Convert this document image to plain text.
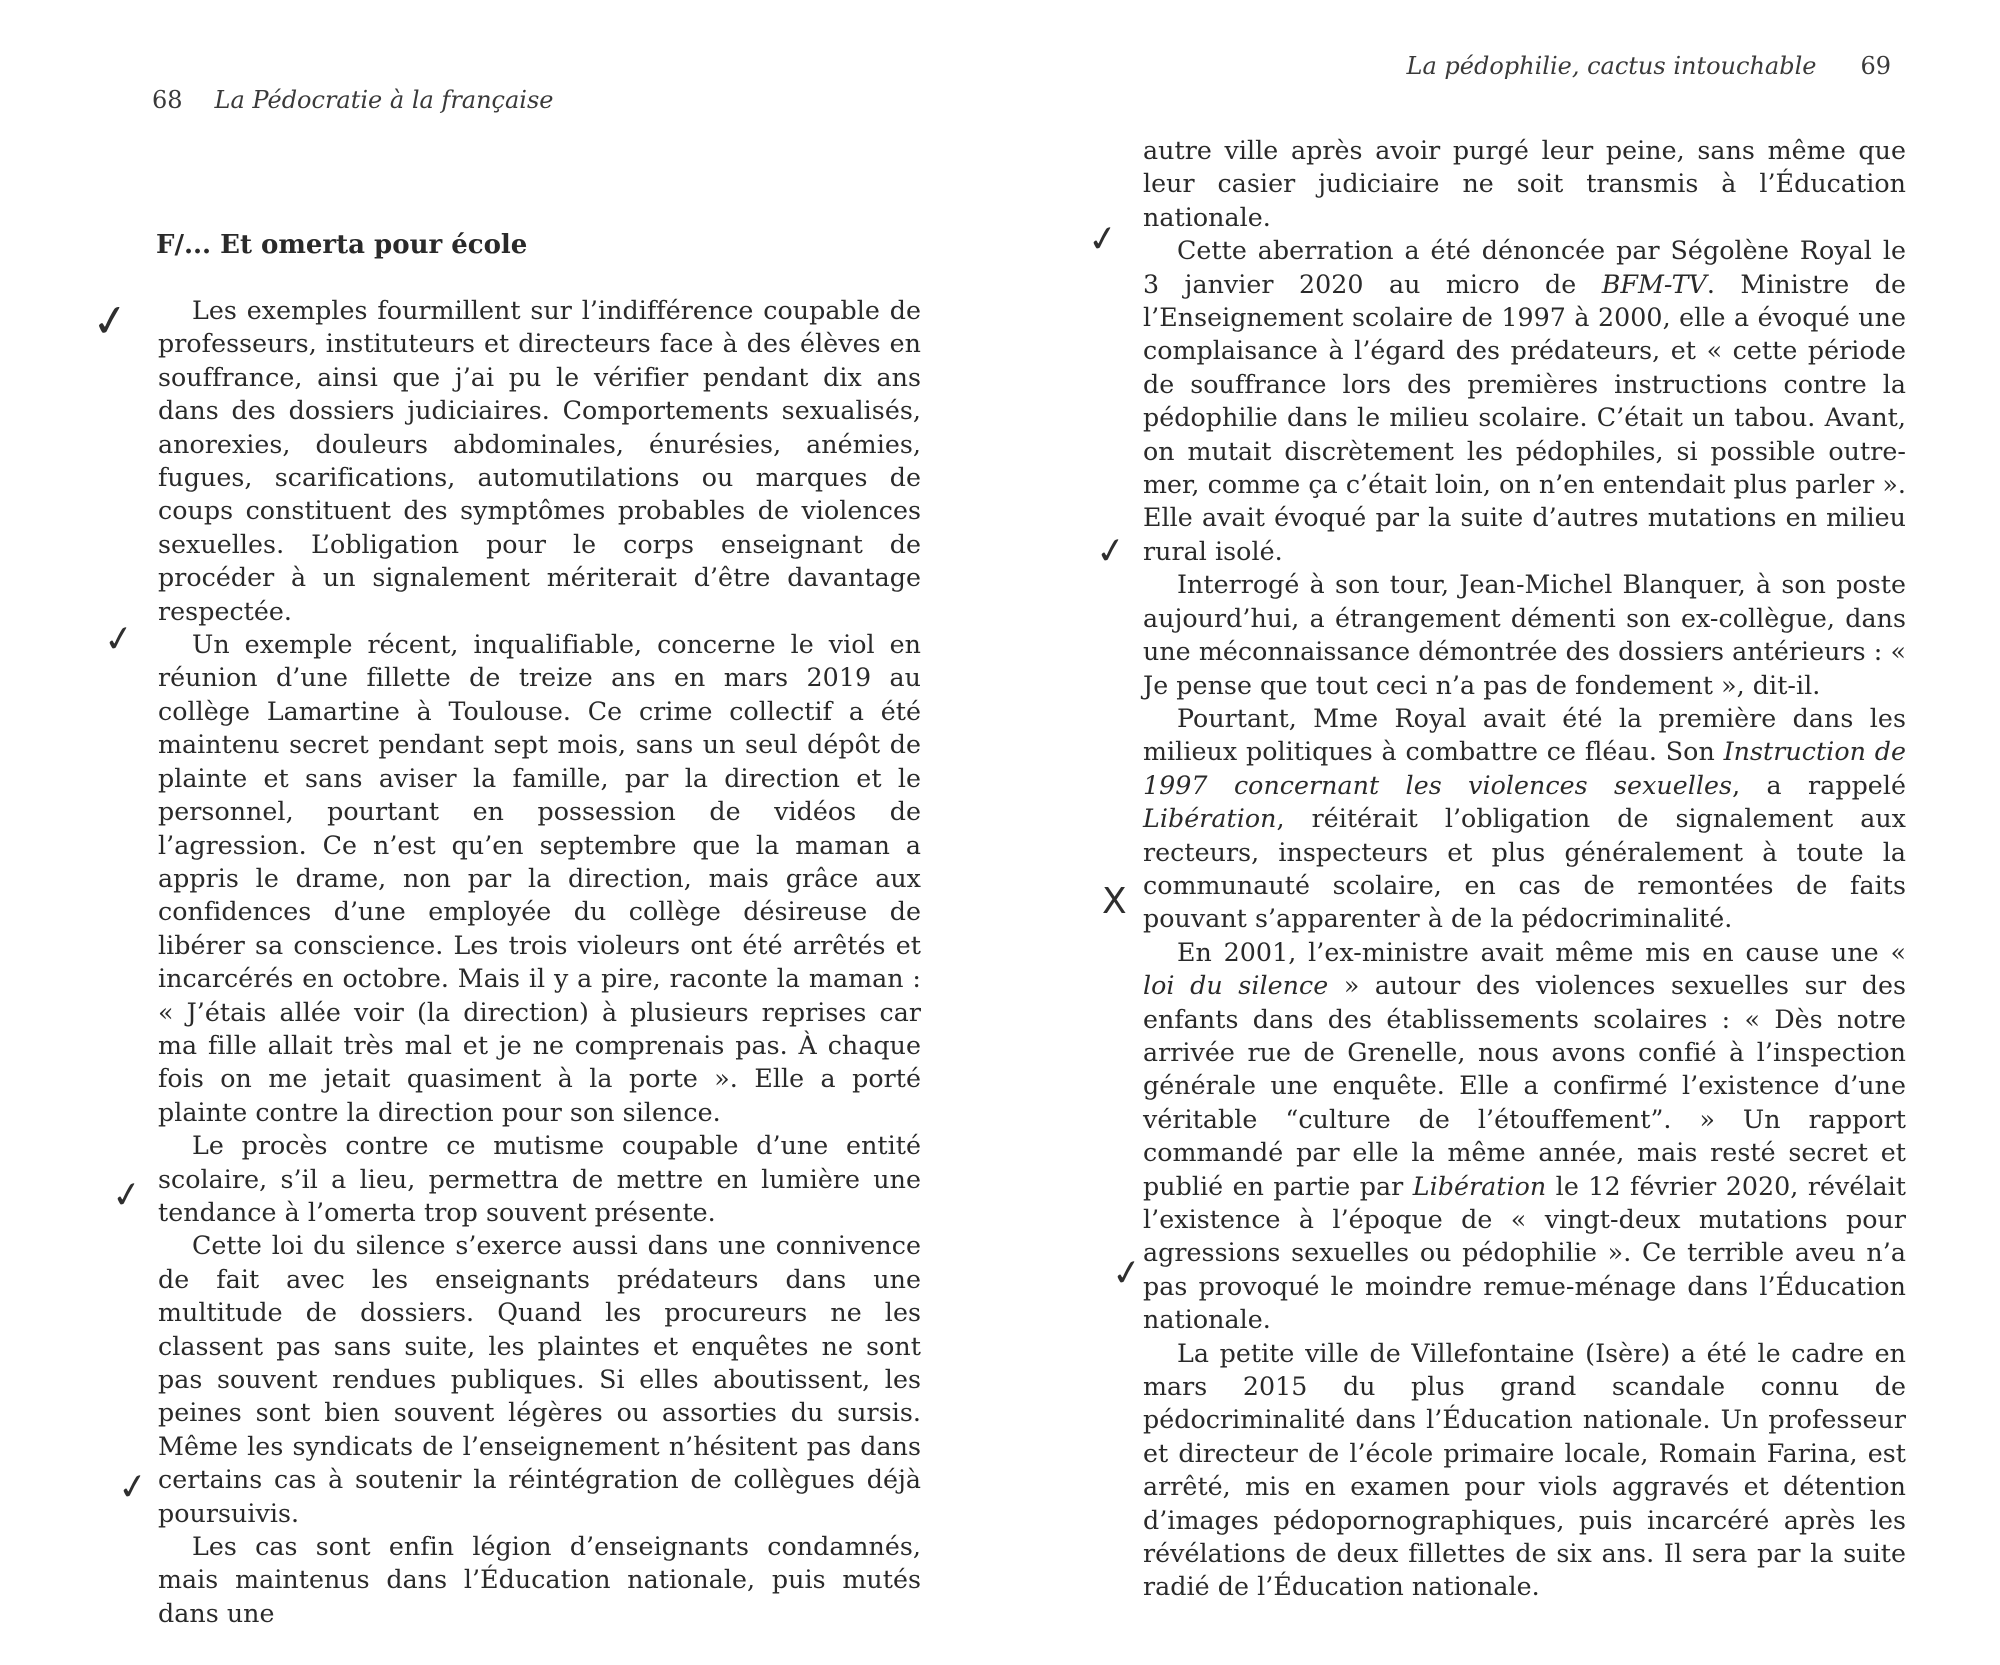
68 La Pédocratie à la française
F/... Et omerta pour école

Les exemples fourmillent sur l’indifférence coupable de professeurs, instituteurs et directeurs face à des élèves en souffrance, ainsi que j’ai pu le vérifier pendant dix ans dans des dossiers judiciaires. Comportements sexualisés, anorexies, douleurs abdominales, énurésies, anémies, fugues, scarifications, automutilations ou marques de coups constituent des symptômes probables de violences sexuelles. L’obligation pour le corps enseignant de procéder à un signalement mériterait d’être davantage respectée.

Un exemple récent, inqualifiable, concerne le viol en réunion d’une fillette de treize ans en mars 2019 au collège Lamartine à Toulouse. Ce crime collectif a été maintenu secret pendant sept mois, sans un seul dépôt de plainte et sans aviser la famille, par la direction et le personnel, pourtant en possession de vidéos de l’agression. Ce n’est qu’en septembre que la maman a appris le drame, non par la direction, mais grâce aux confidences d’une employée du collège désireuse de libérer sa conscience. Les trois violeurs ont été arrêtés et incarcérés en octobre. Mais il y a pire, raconte la maman : « J’étais allée voir (la direction) à plusieurs reprises car ma fille allait très mal et je ne comprenais pas. À chaque fois on me jetait quasiment à la porte ». Elle a porté plainte contre la direction pour son silence.

Le procès contre ce mutisme coupable d’une entité scolaire, s’il a lieu, permettra de mettre en lumière une tendance à l’omerta trop souvent présente.

Cette loi du silence s’exerce aussi dans une connivence de fait avec les enseignants prédateurs dans une multitude de dossiers. Quand les procureurs ne les classent pas sans suite, les plaintes et enquêtes ne sont pas souvent rendues publiques. Si elles aboutissent, les peines sont bien souvent légères ou assorties du sursis. Même les syndicats de l’enseignement n’hésitent pas dans certains cas à soutenir la réintégration de collègues déjà poursuivis.

Les cas sont enfin légion d’enseignants condamnés, mais maintenus dans l’Éducation nationale, puis mutés dans une

✓
✓
✓
✓
La pédophilie, cactus intouchable 69

autre ville après avoir purgé leur peine, sans même que leur casier judiciaire ne soit transmis à l’Éducation nationale.

Cette aberration a été dénoncée par Ségolène Royal le 3 janvier 2020 au micro de BFM-TV. Ministre de l’Enseignement scolaire de 1997 à 2000, elle a évoqué une complaisance à l’égard des prédateurs, et « cette période de souffrance lors des premières instructions contre la pédophilie dans le milieu scolaire. C’était un tabou. Avant, on mutait discrètement les pédophiles, si possible outre-mer, comme ça c’était loin, on n’en entendait plus parler ». Elle avait évoqué par la suite d’autres mutations en milieu rural isolé.

Interrogé à son tour, Jean-Michel Blanquer, à son poste aujourd’hui, a étrangement démenti son ex-collègue, dans une méconnaissance démontrée des dossiers antérieurs : « Je pense que tout ceci n’a pas de fondement », dit-il.

Pourtant, Mme Royal avait été la première dans les milieux politiques à combattre ce fléau. Son Instruction de 1997 concernant les violences sexuelles, a rappelé Libération, réitérait l’obligation de signalement aux recteurs, inspecteurs et plus généralement à toute la communauté scolaire, en cas de remontées de faits pouvant s’apparenter à de la pédocriminalité.

En 2001, l’ex-ministre avait même mis en cause une « loi du silence » autour des violences sexuelles sur des enfants dans des établissements scolaires : « Dès notre arrivée rue de Grenelle, nous avons confié à l’inspection générale une enquête. Elle a confirmé l’existence d’une véritable “culture de l’étouffement”. » Un rapport commandé par elle la même année, mais resté secret et publié en partie par Libération le 12 février 2020, révélait l’existence à l’époque de « vingt-deux mutations pour agressions sexuelles ou pédophilie ». Ce terrible aveu n’a pas provoqué le moindre remue-ménage dans l’Éducation nationale.

La petite ville de Villefontaine (Isère) a été le cadre en mars 2015 du plus grand scandale connu de pédocriminalité dans l’Éducation nationale. Un professeur et directeur de l’école primaire locale, Romain Farina, est arrêté, mis en examen pour viols aggravés et détention d’images pédopornographiques, puis incarcéré après les révélations de deux fillettes de six ans. Il sera par la suite radié de l’Éducation nationale.

✓
✓
X
✓
